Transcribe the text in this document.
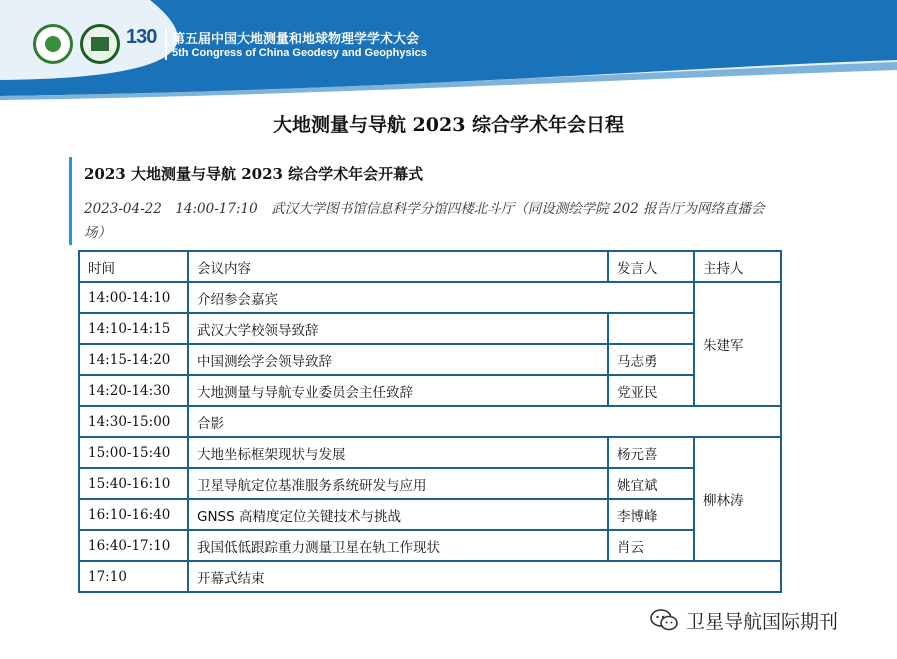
130	第五届中国大地测量和地球物理学学术大会
5th Congress of China Geodesy and Geophysics
大地测量与导航 2023 综合学术年会日程
2023 大地测量与导航 2023 综合学术年会开幕式
2023-04-22　14:00-17:10　武汉大学图书馆信息科学分馆四楼北斗厅（同设测绘学院 202 报告厅为网络直播会场）
时间	会议内容	发言人	主持人
14:00-14:10	介绍参会嘉宾		朱建军
14:10-14:15	武汉大学校领导致辞		
14:15-14:20	中国测绘学会领导致辞	马志勇	
14:20-14:30	大地测量与导航专业委员会主任致辞	党亚民	
14:30-15:00	合影		
15:00-15:40	大地坐标框架现状与发展	杨元喜	柳林涛
15:40-16:10	卫星导航定位基准服务系统研发与应用	姚宜斌	
16:10-16:40	GNSS 高精度定位关键技术与挑战	李博峰	
16:40-17:10	我国低低跟踪重力测量卫星在轨工作现状	肖云	
17:10	开幕式结束		
卫星导航国际期刊
